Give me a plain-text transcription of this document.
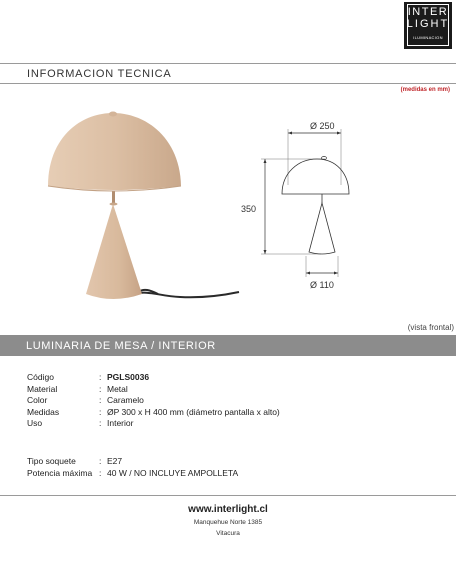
INTER
LIGHT
ILUMINACION
INFORMACION TECNICA
(medidas en mm)
Ø 250
350
Ø 110
(vista frontal)
LUMINARIA DE MESA / INTERIOR
Código	: PGLS0036
Material	: Metal
Color	: Caramelo
Medidas	: ØP 300 x H 400 mm (diámetro pantalla x alto)
Uso	: Interior
Tipo soquete	: E27
Potencia máxima : 40 W / NO INCLUYE AMPOLLETA
www.interlight.cl
Manquehue Norte 1385
Vitacura
